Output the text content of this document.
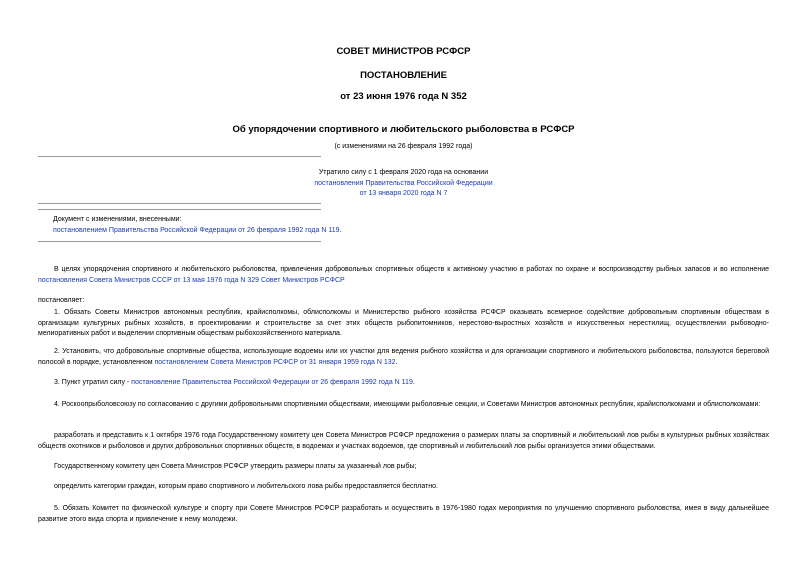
СОВЕТ МИНИСТРОВ РСФСР
ПОСТАНОВЛЕНИЕ
от 23 июня 1976 года N 352
Об упорядочении спортивного и любительского рыболовства в РСФСР
(с изменениями на 26 февраля 1992 года)
Утратило силу с 1 февраля 2020 года на основании
постановления Правительства Российской Федерации
от 13 января 2020 года N 7
Документ с изменениями, внесенными:
постановлением Правительства Российской Федерации от 26 февраля 1992 года N 119.
В целях упорядочения спортивного и любительского рыболовства, привлечения добровольных спортивных обществ к активному участию в работах по охране и воспроизводству рыбных запасов и во исполнение постановления Совета Министров СССР от 13 мая 1976 года N 329 Совет Министров РСФСР
постановляет:
1. Обязать Советы Министров автономных республик, крайисполкомы, облисполкомы и Министерство рыбного хозяйства РСФСР оказывать всемерное содействие добровольным спортивным обществам в организации культурных рыбных хозяйств, в проектировании и строительстве за счет этих обществ рыбопитомников, нерестово-выростных хозяйств и искусственных нерестилищ, осуществлении рыбоводно-мелиоративных работ и выделении спортивным обществам рыбохозяйственного материала.
2. Установить, что добровольные спортивные общества, использующие водоемы или их участки для ведения рыбного хозяйства и для организации спортивного и любительского рыболовства, пользуются береговой полосой в порядке, установленном постановлением Совета Министров РСФСР от 31 января 1959 года N 132.
3. Пункт утратил силу - постановление Правительства Российской Федерации от 26 февраля 1992 года N 119.
4. Роскоопрыболовсоюзу по согласованию с другими добровольными спортивными обществами, имеющими рыболовные секции, и Советами Министров автономных республик, крайисполкомами и облисполкомами:
разработать и представить к 1 октября 1976 года Государственному комитету цен Совета Министров РСФСР предложения о размерах платы за спортивный и любительский лов рыбы в культурных рыбных хозяйствах обществ охотников и рыболовов и других добровольных спортивных обществ, в водоемах и участках водоемов, где спортивный и любительский лов рыбы организуется этими обществами.
Государственному комитету цен Совета Министров РСФСР утвердить размеры платы за указанный лов рыбы;
определить категории граждан, которым право спортивного и любительского лова рыбы предоставляется бесплатно.
5. Обязать Комитет по физической культуре и спорту при Совете Министров РСФСР разработать и осуществить в 1976-1980 годах мероприятия по улучшению спортивного рыболовства, имея в виду дальнейшее развитие этого вида спорта и привлечение к нему молодежи.
